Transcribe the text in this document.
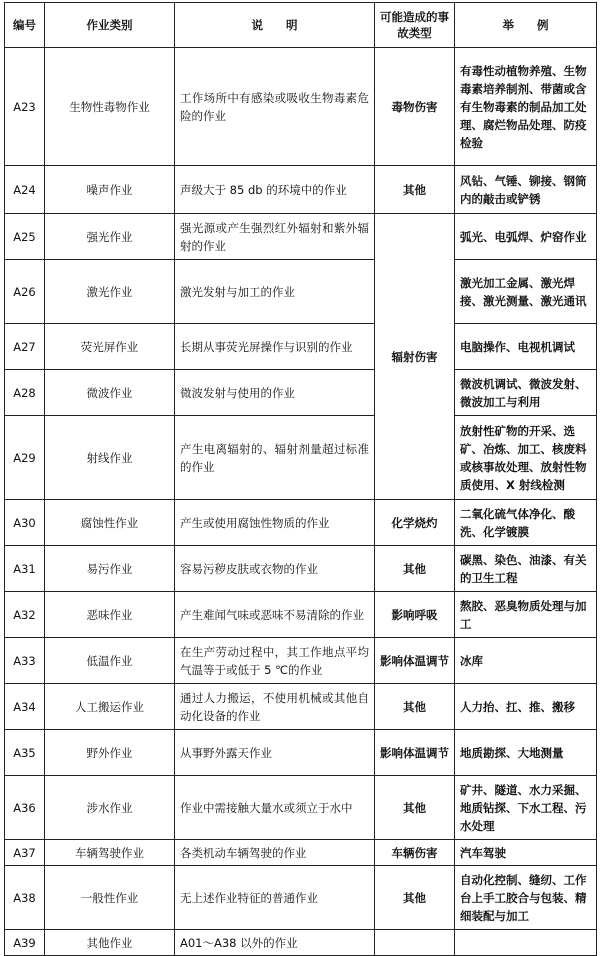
编号	作业类别	说　　明	可能造成的事故类型	举　　例
A23	生物性毒物作业	工作场所中有感染或吸收生物毒素危险的作业	毒物伤害	有毒性动植物养殖、生物毒素培养制剂、带菌或含有生物毒素的制品加工处理、腐烂物品处理、防疫检验
A24	噪声作业	声级大于 85 db 的环境中的作业	其他	风钻、气锤、铆接、钢筒内的敲击或铲锈
A25	强光作业	强光源或产生强烈红外辐射和紫外辐射的作业	辐射伤害	弧光、电弧焊、炉窑作业
A26	激光作业	激光发射与加工的作业		激光加工金属、激光焊接、激光测量、激光通讯
A27	荧光屏作业	长期从事荧光屏操作与识别的作业		电脑操作、电视机调试
A28	微波作业	微波发射与使用的作业		微波机调试、微波发射、微波加工与利用
A29	射线作业	产生电离辐射的、辐射剂量超过标准的作业		放射性矿物的开采、选矿、冶炼、加工、核废料或核事故处理、放射性物质使用、X 射线检测
A30	腐蚀性作业	产生或使用腐蚀性物质的作业	化学烧灼	二氧化硫气体净化、酸洗、化学镀膜
A31	易污作业	容易污秽皮肤或衣物的作业	其他	碳黑、染色、油漆、有关的卫生工程
A32	恶味作业	产生难闻气味或恶味不易清除的作业	影响呼吸	熬胶、恶臭物质处理与加工
A33	低温作业	在生产劳动过程中，其工作地点平均气温等于或低于 5 ℃的作业	影响体温调节	冰库
A34	人工搬运作业	通过人力搬运，不使用机械或其他自动化设备的作业	其他	人力抬、扛、推、搬移
A35	野外作业	从事野外露天作业	影响体温调节	地质勘探、大地测量
A36	涉水作业	作业中需接触大量水或须立于水中	其他	矿井、隧道、水力采掘、地质钻探、下水工程、污水处理
A37	车辆驾驶作业	各类机动车辆驾驶的作业	车辆伤害	汽车驾驶
A38	一般性作业	无上述作业特征的普通作业	其他	自动化控制、缝纫、工作台上手工胶合与包装、精细装配与加工
A39	其他作业	A01～A38 以外的作业		
